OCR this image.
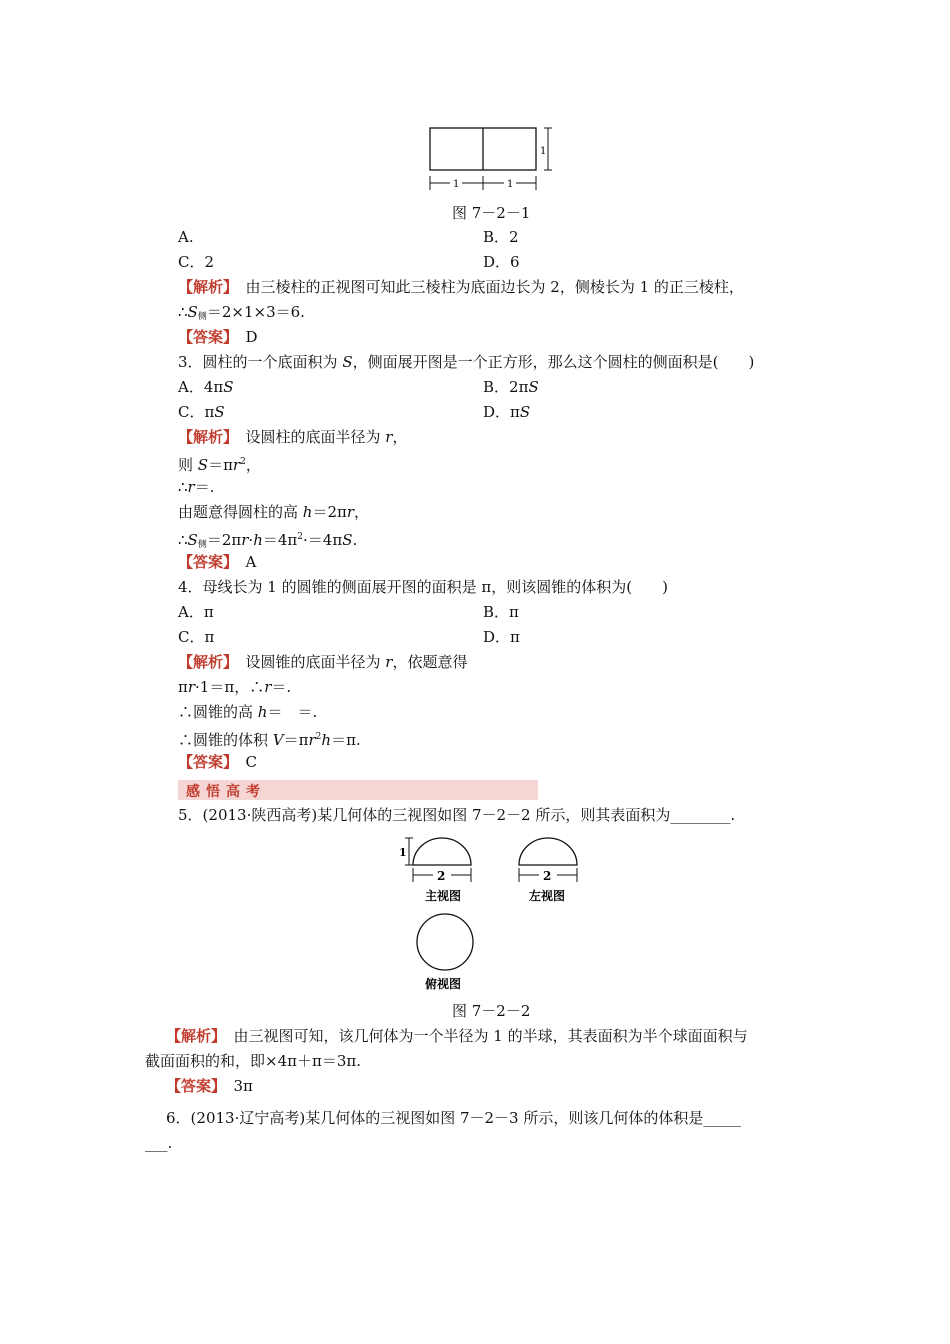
1
1	1
图 7－2－1
A.	B．2
C．2	D．6
【解析】　由三棱柱的正视图可知此三棱柱为底面边长为 2，侧棱长为 1 的正三棱柱，
$\therefore S_侧=2\times 1\times 3=6$.
【答案】　D
3．圆柱的一个底面积为 S，侧面展开图是一个正方形，那么这个圆柱的侧面积是(　　)
A．4πS	B．2πS
C．πS	D．πS
【解析】　设圆柱的底面半径为 r，
则 $S=\pi r^2$，
∴r＝.
由题意得圆柱的高 h＝2πr，
$\therefore S_侧=2\pi r\cdot h=4\pi^2\cdot=4\pi S$.
【答案】　A
4．母线长为 1 的圆锥的侧面展开图的面积是 π，则该圆锥的体积为(　　)
A．π	B．π
C．π	D．π
【解析】　设圆锥的底面半径为 r，依题意得
πr·1＝π，∴r＝.
∴圆锥的高 h＝　＝.
∴圆锥的体积 $V=\pi r^2h=\pi$.
【答案】　C
感悟高考
5．(2013·陕西高考)某几何体的三视图如图 7－2－2 所示，则其表面积为________.
1
2
主视图
2
左视图
俯视图
图 7－2－2
【解析】　由三视图可知，该几何体为一个半径为 1 的半球，其表面积为半个球面面积与
截面面积的和，即×4π＋π＝3π.
【答案】　3π
6．(2013·辽宁高考)某几何体的三视图如图 7－2－3 所示，则该几何体的体积是_____
___.
